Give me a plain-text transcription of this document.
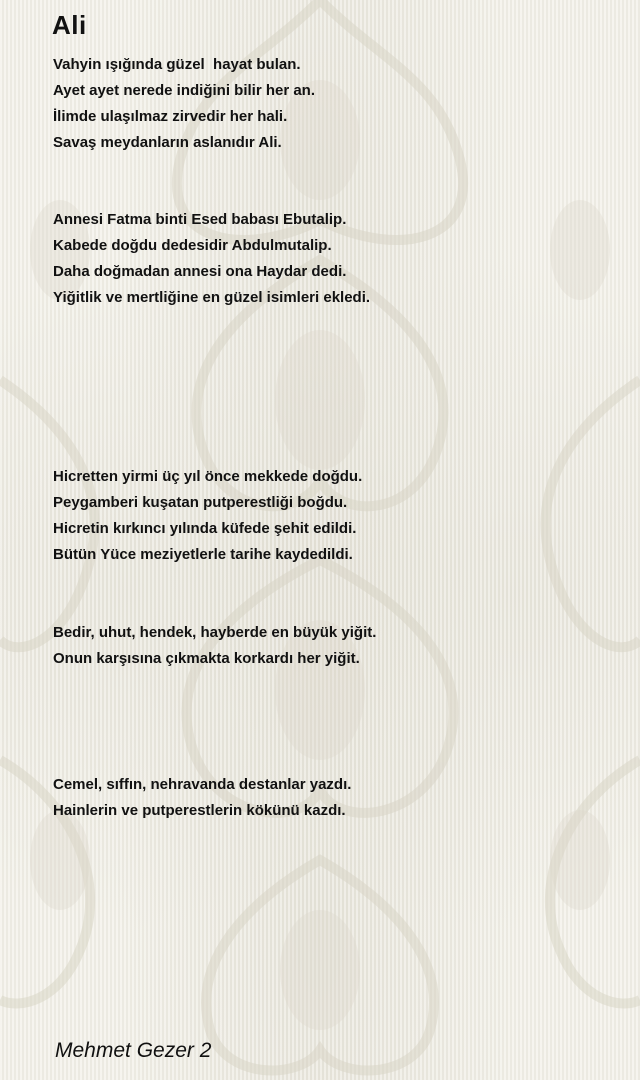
Ali
Vahyin ışığında güzel  hayat bulan.
Ayet ayet nerede indiğini bilir her an.
İlimde ulaşılmaz zirvedir her hali.
Savaş meydanların aslanıdır Ali.
Annesi Fatma binti Esed babası Ebutalip.
Kabede doğdu dedesidir Abdulmutalip.
Daha doğmadan annesi ona Haydar dedi.
Yiğitlik ve mertliğine en güzel isimleri ekledi.
Hicretten yirmi üç yıl önce mekkede doğdu.
Peygamberi kuşatan putperestliği boğdu.
Hicretin kırkıncı yılında küfede şehit edildi.
Bütün Yüce meziyetlerle tarihe kaydedildi.
Bedir, uhut, hendek, hayberde en büyük yiğit.
Onun karşısına çıkmakta korkardı her yiğit.
Cemel, sıffın, nehravanda destanlar yazdı.
Hainlerin ve putperestlerin kökünü kazdı.
Mehmet Gezer 2
